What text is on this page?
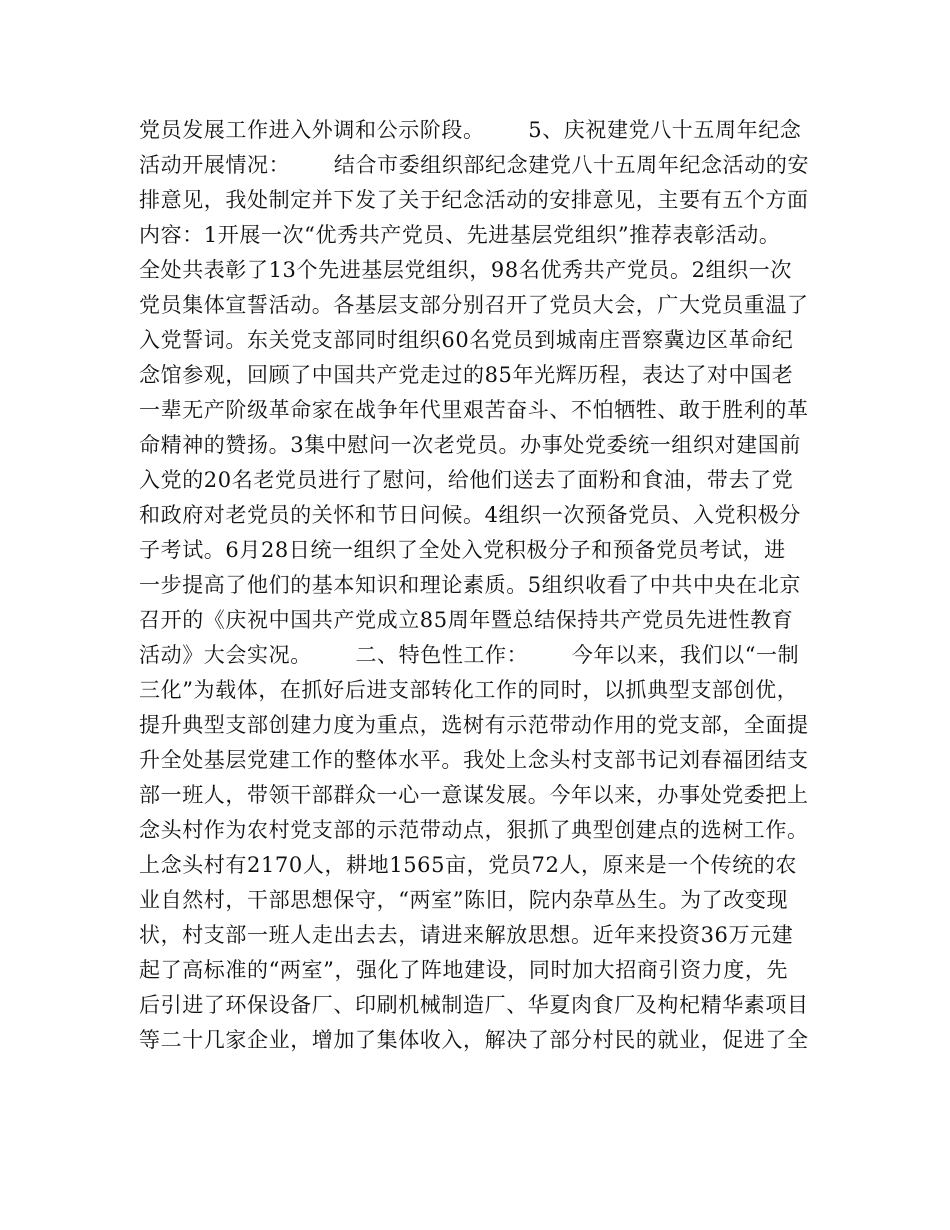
党员发展工作进入外调和公示阶段。      5、庆祝建党八十五周年纪念
活动开展情况：      结合市委组织部纪念建党八十五周年纪念活动的安
排意见，我处制定并下发了关于纪念活动的安排意见，主要有五个方面
内容：1开展一次“优秀共产党员、先进基层党组织”推荐表彰活动。
全处共表彰了13个先进基层党组织，98名优秀共产党员。2组织一次
党员集体宣誓活动。各基层支部分别召开了党员大会，广大党员重温了
入党誓词。东关党支部同时组织60名党员到城南庄晋察冀边区革命纪
念馆参观，回顾了中国共产党走过的85年光辉历程，表达了对中国老
一辈无产阶级革命家在战争年代里艰苦奋斗、不怕牺牲、敢于胜利的革
命精神的赞扬。3集中慰问一次老党员。办事处党委统一组织对建国前
入党的20名老党员进行了慰问，给他们送去了面粉和食油，带去了党
和政府对老党员的关怀和节日问候。4组织一次预备党员、入党积极分
子考试。6月28日统一组织了全处入党积极分子和预备党员考试，进
一步提高了他们的基本知识和理论素质。5组织收看了中共中央在北京
召开的《庆祝中国共产党成立85周年暨总结保持共产党员先进性教育
活动》大会实况。      二、特色性工作：      今年以来，我们以“一制
三化”为载体，在抓好后进支部转化工作的同时，以抓典型支部创优，
提升典型支部创建力度为重点，选树有示范带动作用的党支部，全面提
升全处基层党建工作的整体水平。我处上念头村支部书记刘春福团结支
部一班人，带领干部群众一心一意谋发展。今年以来，办事处党委把上
念头村作为农村党支部的示范带动点，狠抓了典型创建点的选树工作。
上念头村有2170人，耕地1565亩，党员72人，原来是一个传统的农
业自然村，干部思想保守，“两室”陈旧，院内杂草丛生。为了改变现
状，村支部一班人走出去去，请进来解放思想。近年来投资36万元建
起了高标准的“两室”，强化了阵地建设，同时加大招商引资力度，先
后引进了环保设备厂、印刷机械制造厂、华夏肉食厂及枸杞精华素项目
等二十几家企业，增加了集体收入，解决了部分村民的就业，促进了全
